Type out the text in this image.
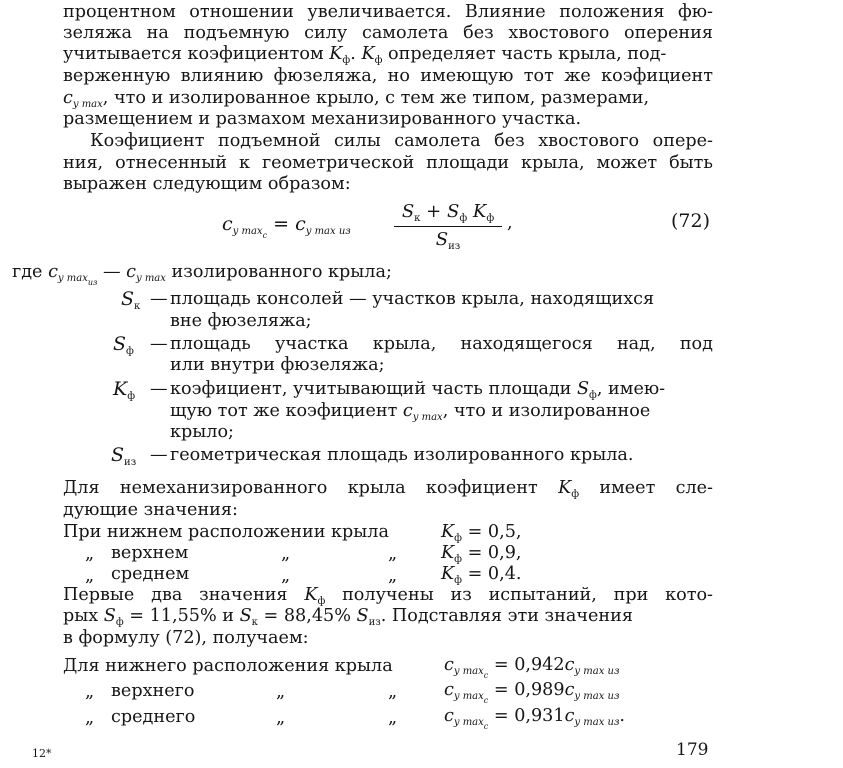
процентном отношении увеличивается. Влияние положения фю-
зеляжа на подъемную силу самолета без хвостового оперения
учитывается коэфициентом $K_ф$. $K_ф$ определяет часть крыла, под-
верженную влиянию фюзеляжа, но имеющую тот же коэфициент
$c_{y max}$, что и изолированное крыло, с тем же типом, размерами,
размещением и размахом механизированного участка.
Коэфициент подъемной силы самолета без хвостового опере-
ния, отнесенный к геометрической площади крыла, может быть
выражен следующим образом:
$c_{y max_c} = c_{y max из}$
$S_к + S_ф$ $K_ф$
$S_{из}$
,	(72)
где $c_{y max_{из}}$ — $c_{y max}$ изолированного крыла;
$S_к$ — площадь консолей — участков крыла, находящихся
вне фюзеляжа;
$S_ф$ — площадь участка крыла, находящегося над, под
или внутри фюзеляжа;
$K_ф$ — коэфициент, учитывающий часть площади $S_ф$, имею-
щую тот же коэфициент $c_{y max}$, что и изолированное
крыло;
$S_{из}$ — геометрическая площадь изолированного крыла.
Для немеханизированного крыла коэфициент $K_ф$ имеет сле-
дующие значения:
При нижнем расположении крыла	$K_ф = 0,5$,
„ верхнем	„	„ $K_ф = 0,9$,
„ среднем	„	„ $K_ф = 0,4$.
Первые два значения $K_ф$ получены из испытаний, при кото-
рых $S_ф = 11,55\%$ и $S_к = 88,45\%$ $S_{из}$. Подставляя эти значения
в формулу (72), получаем:
Для нижнего расположения крыла	$c_{y max_c} = 0,942c_{y max из}$
„ верхнего	„	„	$c_{y max_c} = 0,989c_{y max из}$
„ среднего	„	„	$c_{y max_c} = 0,931c_{y max из}$.
12*	179
